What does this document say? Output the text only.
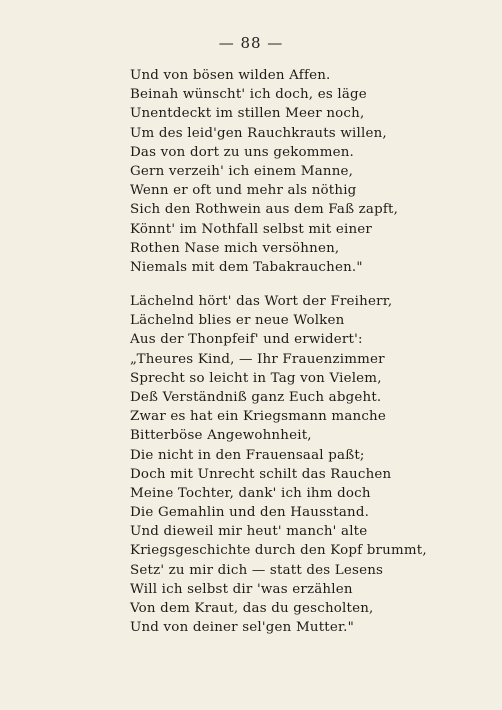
— 88 —
Und von bösen wilden Affen.
Beinah wünscht' ich doch, es läge
Unentdeckt im stillen Meer noch,
Um des leid'gen Rauchkrauts willen,
Das von dort zu uns gekommen.
Gern verzeih' ich einem Manne,
Wenn er oft und mehr als nöthig
Sich den Rothwein aus dem Faß zapft,
Könnt' im Nothfall selbst mit einer
Rothen Nase mich versöhnen,
Niemals mit dem Tabakrauchen."
Lächelnd hört' das Wort der Freiherr,
Lächelnd blies er neue Wolken
Aus der Thonpfeif' und erwidert':
„Theures Kind, — Ihr Frauenzimmer
Sprecht so leicht in Tag von Vielem,
Deß Verständniß ganz Euch abgeht.
Zwar es hat ein Kriegsmann manche
Bitterböse Angewohnheit,
Die nicht in den Frauensaal paßt;
Doch mit Unrecht schilt das Rauchen
Meine Tochter, dank' ich ihm doch
Die Gemahlin und den Hausstand.
Und dieweil mir heut' manch' alte
Kriegsgeschichte durch den Kopf brummt,
Setz' zu mir dich — statt des Lesens
Will ich selbst dir 'was erzählen
Von dem Kraut, das du gescholten,
Und von deiner sel'gen Mutter."
